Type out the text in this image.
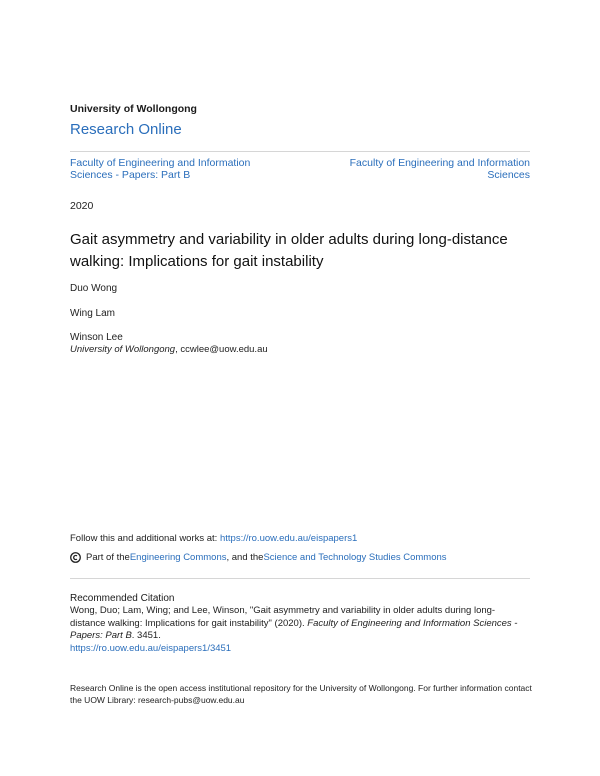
University of Wollongong
Research Online
Faculty of Engineering and Information Sciences - Papers: Part B
Faculty of Engineering and Information Sciences
2020
Gait asymmetry and variability in older adults during long-distance walking: Implications for gait instability
Duo Wong
Wing Lam
Winson Lee
University of Wollongong, ccwlee@uow.edu.au
Follow this and additional works at: https://ro.uow.edu.au/eispapers1
Part of the Engineering Commons , and the Science and Technology Studies Commons
Recommended Citation
Wong, Duo; Lam, Wing; and Lee, Winson, "Gait asymmetry and variability in older adults during long-distance walking: Implications for gait instability" (2020). Faculty of Engineering and Information Sciences - Papers: Part B. 3451.
https://ro.uow.edu.au/eispapers1/3451
Research Online is the open access institutional repository for the University of Wollongong. For further information contact the UOW Library: research-pubs@uow.edu.au
